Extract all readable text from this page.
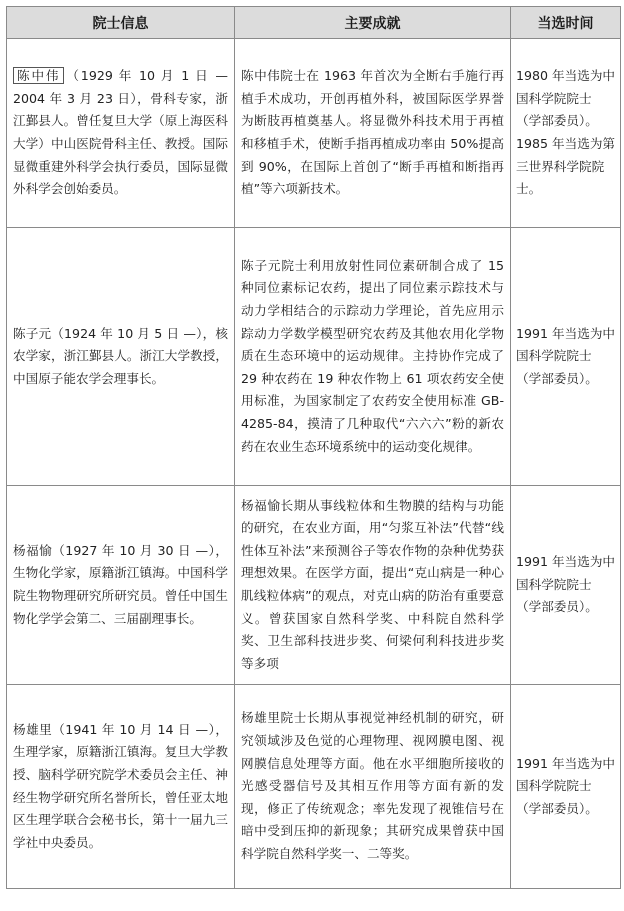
院士信息	主要成就	当选时间
陈中伟 （1929 年 10 月 1 日 — 2004 年 3 月 23 日），骨科专家，浙江鄞县人。曾任复旦大学（原上海医科大学）中山医院骨科主任、教授。国际显微重建外科学会执行委员，国际显微外科学会创始委员。	陈中伟院士在 1963 年首次为全断右手施行再植手术成功，开创再植外科，被国际医学界誉为断肢再植奠基人。将显微外科技术用于再植和移植手术，使断手指再植成功率由 50%提高到 90%，在国际上首创了“断手再植和断指再植”等六项新技术。	1980 年当选为中国科学院院士（学部委员）。1985 年当选为第三世界科学院院士。
陈子元（1924 年 10 月 5 日 —），核农学家，浙江鄞县人。浙江大学教授，中国原子能农学会理事长。	陈子元院士利用放射性同位素研制合成了 15 种同位素标记农药，提出了同位素示踪技术与动力学相结合的示踪动力学理论，首先应用示踪动力学数学模型研究农药及其他农用化学物质在生态环境中的运动规律。主持协作完成了 29 种农药在 19 种农作物上 61 项农药安全使用标准，为国家制定了农药安全使用标准 GB-4285-84，摸清了几种取代“六六六”粉的新农药在农业生态环境系统中的运动变化规律。	1991 年当选为中国科学院院士（学部委员）。
杨福愉（1927 年 10 月 30 日 —），生物化学家，原籍浙江镇海。中国科学院生物物理研究所研究员。曾任中国生物化学学会第二、三届副理事长。	杨福愉长期从事线粒体和生物膜的结构与功能的研究，在农业方面，用“匀浆互补法”代替“线性体互补法”来预测谷子等农作物的杂种优势获理想效果。在医学方面，提出“克山病是一种心肌线粒体病”的观点，对克山病的防治有重要意义。曾获国家自然科学奖、中科院自然科学奖、卫生部科技进步奖、何梁何利科技进步奖等多项	1991 年当选为中国科学院院士（学部委员）。
杨雄里（1941 年 10 月 14 日 —），生理学家，原籍浙江镇海。复旦大学教授、脑科学研究院学术委员会主任、神经生物学研究所名誉所长，曾任亚太地区生理学联合会秘书长，第十一届九三学社中央委员。	杨雄里院士长期从事视觉神经机制的研究，研究领域涉及色觉的心理物理、视网膜电图、视网膜信息处理等方面。他在水平细胞所接收的光感受器信号及其相互作用等方面有新的发现，修正了传统观念；率先发现了视锥信号在暗中受到压抑的新现象；其研究成果曾获中国科学院自然科学奖一、二等奖。	1991 年当选为中国科学院院士（学部委员）。
